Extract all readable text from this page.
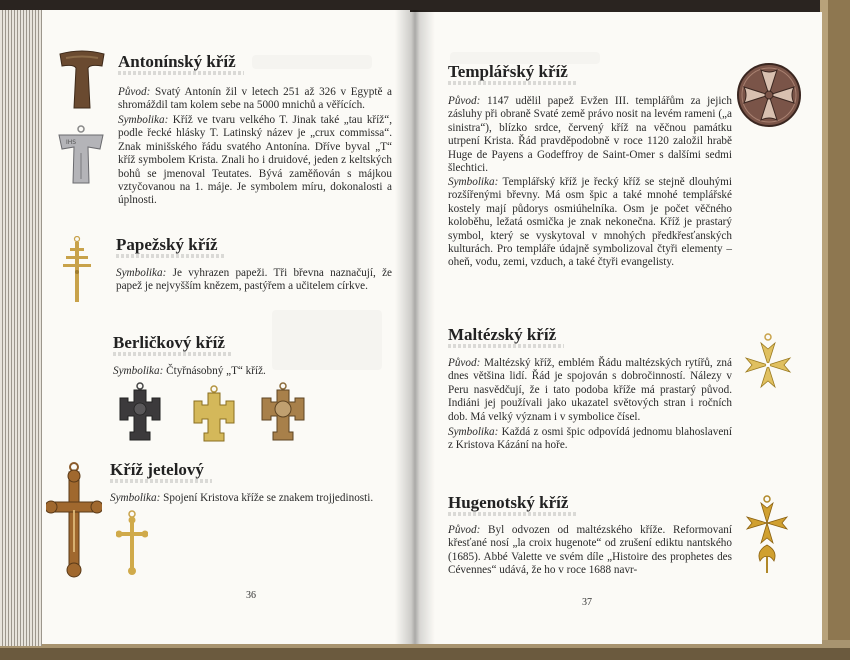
IHS
Antonínský kříž

Původ: Svatý Antonín žil v letech 251 až 326 v Egyptě a shromáždil tam kolem sebe na 5000 mnichů a věřících.

Symbolika: Kříž ve tvaru velkého T. Jinak také „tau kříž“, podle řecké hlásky T. Latinský název je „crux commissa“. Znak minišského řádu svatého Antonína. Dříve byval „T“ kříž symbolem Krista. Znali ho i druidové, jeden z keltských bohů se jmenoval Teutates. Bývá zaměňován s májkou vztyčovanou na 1. máje. Je symbolem míru, dokonalosti a úplnosti.

Papežský kříž

Symbolika: Je vyhrazen papeži. Tři břevna naznačují, že papež je nejvyšším knězem, pastýřem a učitelem církve.

Berličkový kříž

Symbolika: Čtyřnásobný „T“ kříž.

Kříž jetelový

Symbolika: Spojení Kristova kříže se znakem trojjedinosti.

36
Templářský kříž

Původ: 1147 udělil papež Evžen III. templářům za jejich zásluhy při obraně Svaté země právo nosit na levém rameni („a sinistra“), blízko srdce, červený kříž na věčnou památku utrpení Krista. Řád pravděpodobně v roce 1120 založil hrabě Huge de Payens a Godeffroy de Saint-Omer s dalšími sedmi šlechtici.

Symbolika: Templářský kříž je řecký kříž se stejně dlouhými rozšířenými břevny. Má osm špic a také mnohé templářské kostely mají půdorys osmiúhelníka. Osm je počet věčného koloběhu, ležatá osmička je znak nekonečna. Kříž je prastarý symbol, který se vyskytoval v mnohých předkřesťanských kulturách. Pro templáře údajně symbolizoval čtyři elementy – oheň, vodu, zemi, vzduch, a také čtyři evangelisty.

Maltézský kříž

Původ: Maltézský kříž, emblém Řádu maltézských rytířů, zná dnes většina lidí. Řád je spojován s dobročinností. Nálezy v Peru nasvědčují, že i tato podoba kříže má prastarý původ. Indiáni jej používali jako ukazatel světových stran i ročních dob. Má velký význam i v symbolice čísel.

Symbolika: Každá z osmi špic odpovídá jednomu blahoslavení z Kristova Kázání na hoře.

Hugenotský kříž

Původ: Byl odvozen od maltézského kříže. Reformovaní křesťané nosí „la croix hugenote“ od zrušení ediktu nantského (1685). Abbé Valette ve svém díle „Histoire des prophetes des Cévennes“ udává, že ho v roce 1688 navr-

37
